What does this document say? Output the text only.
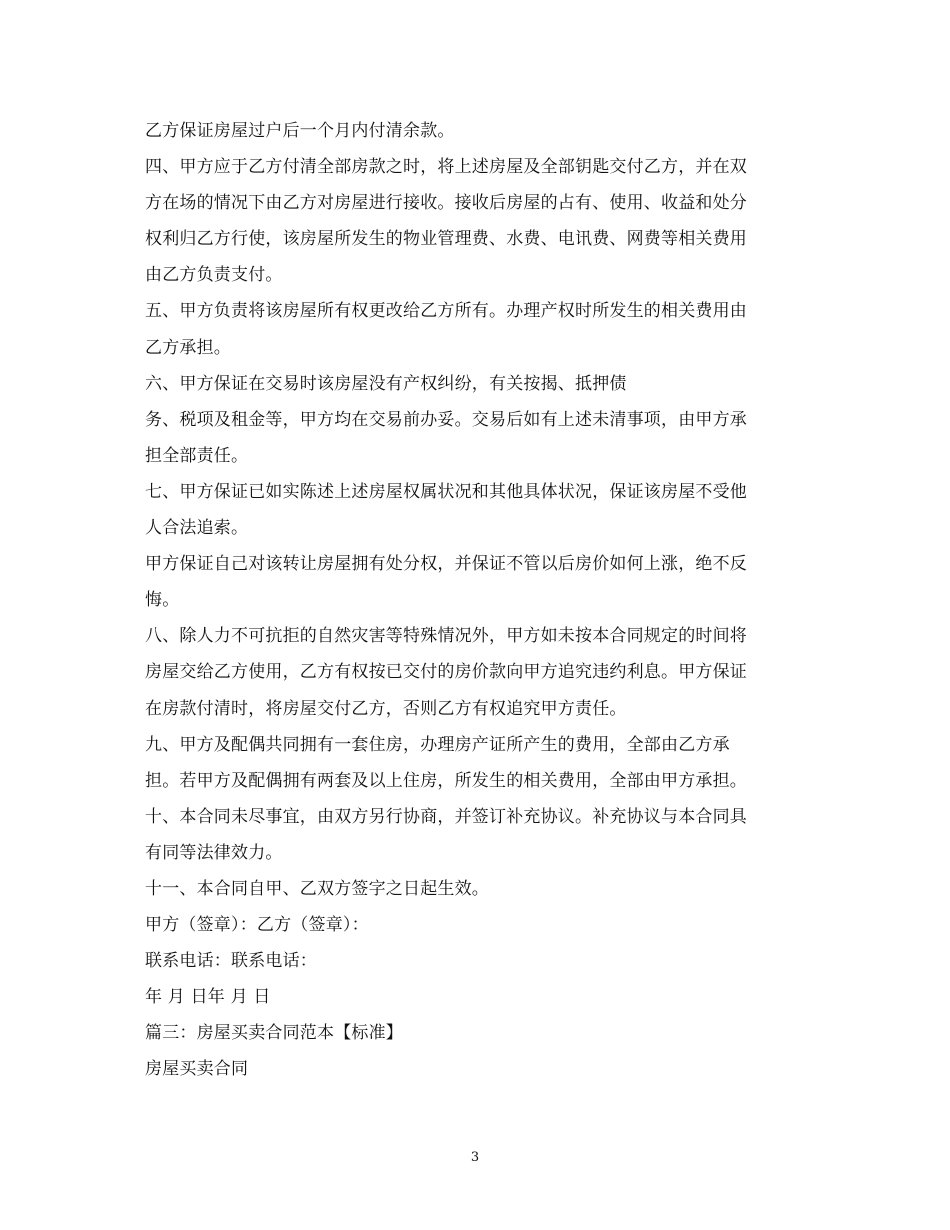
乙方保证房屋过户后一个月内付清余款。
四、甲方应于乙方付清全部房款之时，将上述房屋及全部钥匙交付乙方，并在双
方在场的情况下由乙方对房屋进行接收。接收后房屋的占有、使用、收益和处分
权利归乙方行使，该房屋所发生的物业管理费、水费、电讯费、网费等相关费用
由乙方负责支付。
五、甲方负责将该房屋所有权更改给乙方所有。办理产权时所发生的相关费用由
乙方承担。
六、甲方保证在交易时该房屋没有产权纠纷，有关按揭、抵押债
务、税项及租金等，甲方均在交易前办妥。交易后如有上述未清事项，由甲方承
担全部责任。
七、甲方保证已如实陈述上述房屋权属状况和其他具体状况，保证该房屋不受他
人合法追索。
甲方保证自己对该转让房屋拥有处分权，并保证不管以后房价如何上涨，绝不反
悔。
八、除人力不可抗拒的自然灾害等特殊情况外，甲方如未按本合同规定的时间将
房屋交给乙方使用，乙方有权按已交付的房价款向甲方追究违约利息。甲方保证
在房款付清时，将房屋交付乙方，否则乙方有权追究甲方责任。
九、甲方及配偶共同拥有一套住房，办理房产证所产生的费用，全部由乙方承
担。若甲方及配偶拥有两套及以上住房，所发生的相关费用，全部由甲方承担。
十、本合同未尽事宜，由双方另行协商，并签订补充协议。补充协议与本合同具
有同等法律效力。
十一、本合同自甲、乙双方签字之日起生效。
甲方（签章）：乙方（签章）：
联系电话：联系电话：
年 月 日年 月 日
篇三：房屋买卖合同范本【标准】
房屋买卖合同
3
